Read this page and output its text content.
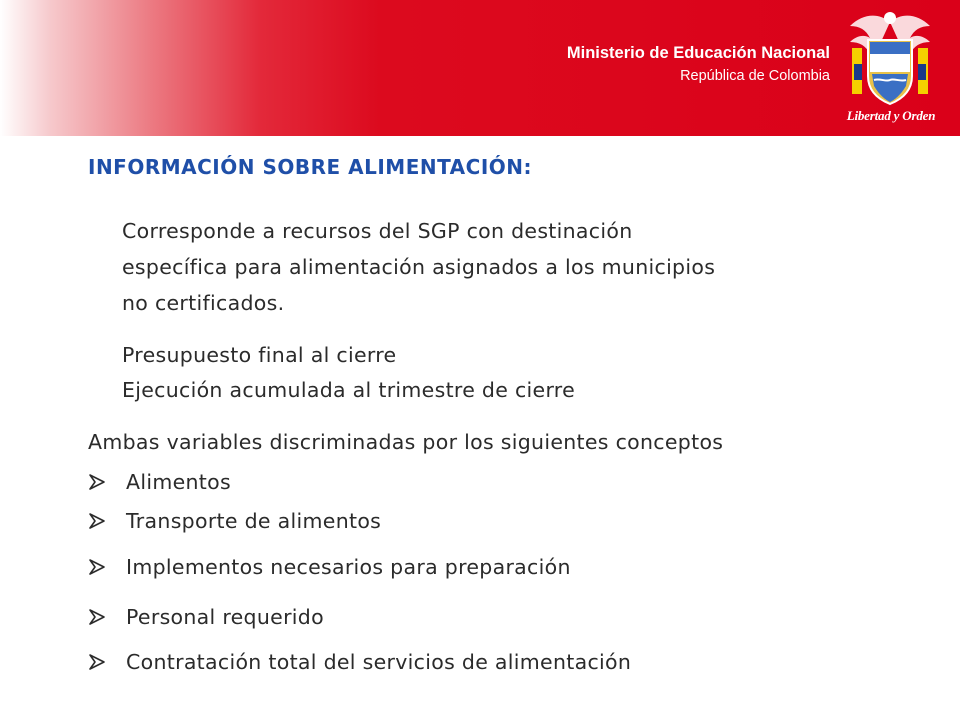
Ministerio de Educación Nacional
República de Colombia
Libertad y Orden
INFORMACIÓN SOBRE ALIMENTACIÓN:
Corresponde a recursos del SGP con destinación
específica para alimentación asignados a los municipios
no certificados.
Presupuesto final al cierre
Ejecución acumulada al trimestre de cierre
Ambas variables discriminadas por los siguientes conceptos
Alimentos
Transporte de alimentos
Implementos necesarios para preparación
Personal requerido
Contratación total del servicios de alimentación
